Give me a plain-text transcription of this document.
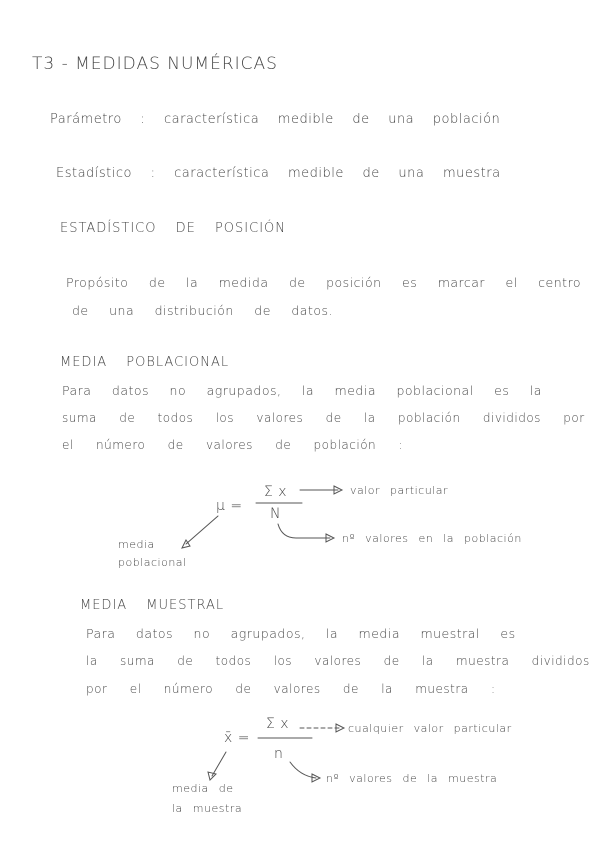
T3 - MEDIDAS NUMÉRICAS
Parámetro : característica medible de una población
Estadístico : característica medible de una muestra
ESTADÍSTICO DE POSICIÓN
Propósito de la medida de posición es marcar el centro
de una distribución de datos.
MEDIA POBLACIONAL
Para datos no agrupados, la media poblacional es la
suma de todos los valores de la población divididos por
el número de valores de población :
μ =
Σ x
N
valor particular
nº valores en la población
media
poblacional
MEDIA MUESTRAL
Para datos no agrupados, la media muestral es
la suma de todos los valores de la muestra divididos
por el número de valores de la muestra :
x̄ =
Σ x
n
cualquier valor particular
nº valores de la muestra
media de
la muestra
